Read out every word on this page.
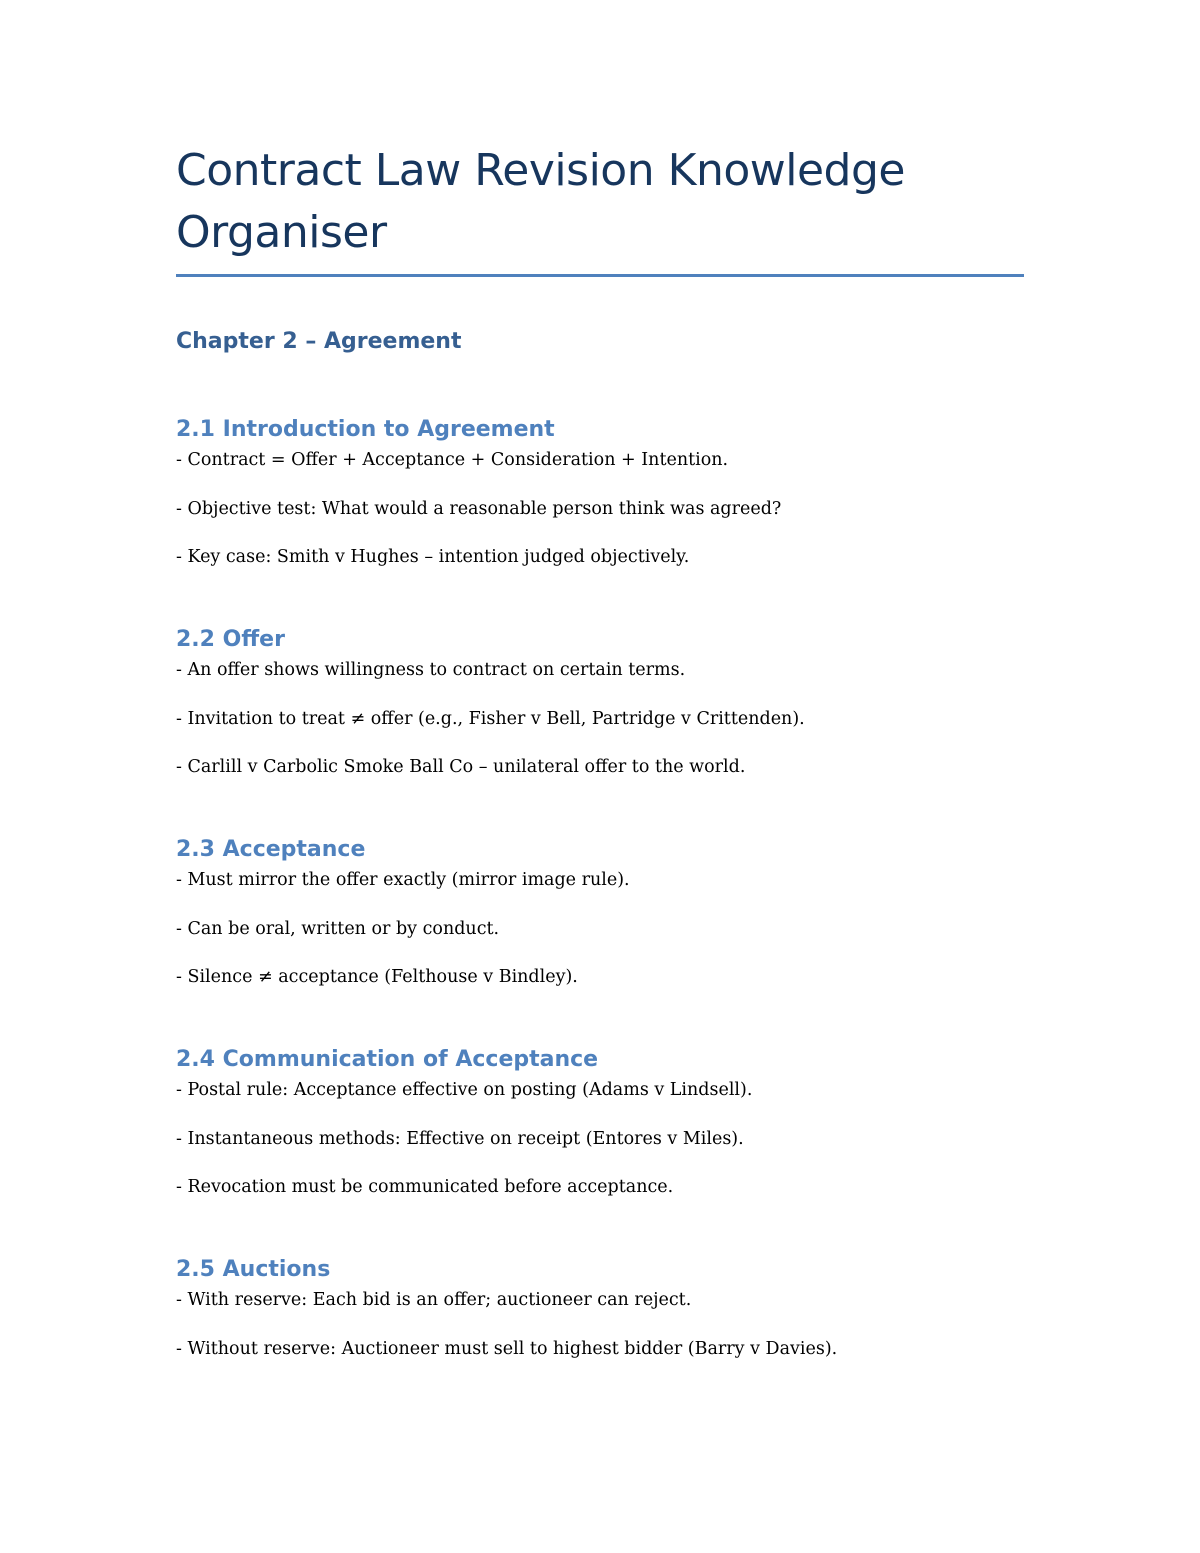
Contract Law Revision Knowledge Organiser
Chapter 2 – Agreement
2.1 Introduction to Agreement

- Contract = Offer + Acceptance + Consideration + Intention.

- Objective test: What would a reasonable person think was agreed?

- Key case: Smith v Hughes – intention judged objectively.

2.2 Offer

- An offer shows willingness to contract on certain terms.

- Invitation to treat ≠ offer (e.g., Fisher v Bell, Partridge v Crittenden).

- Carlill v Carbolic Smoke Ball Co – unilateral offer to the world.

2.3 Acceptance

- Must mirror the offer exactly (mirror image rule).

- Can be oral, written or by conduct.

- Silence ≠ acceptance (Felthouse v Bindley).

2.4 Communication of Acceptance

- Postal rule: Acceptance effective on posting (Adams v Lindsell).

- Instantaneous methods: Effective on receipt (Entores v Miles).

- Revocation must be communicated before acceptance.

2.5 Auctions

- With reserve: Each bid is an offer; auctioneer can reject.

- Without reserve: Auctioneer must sell to highest bidder (Barry v Davies).
